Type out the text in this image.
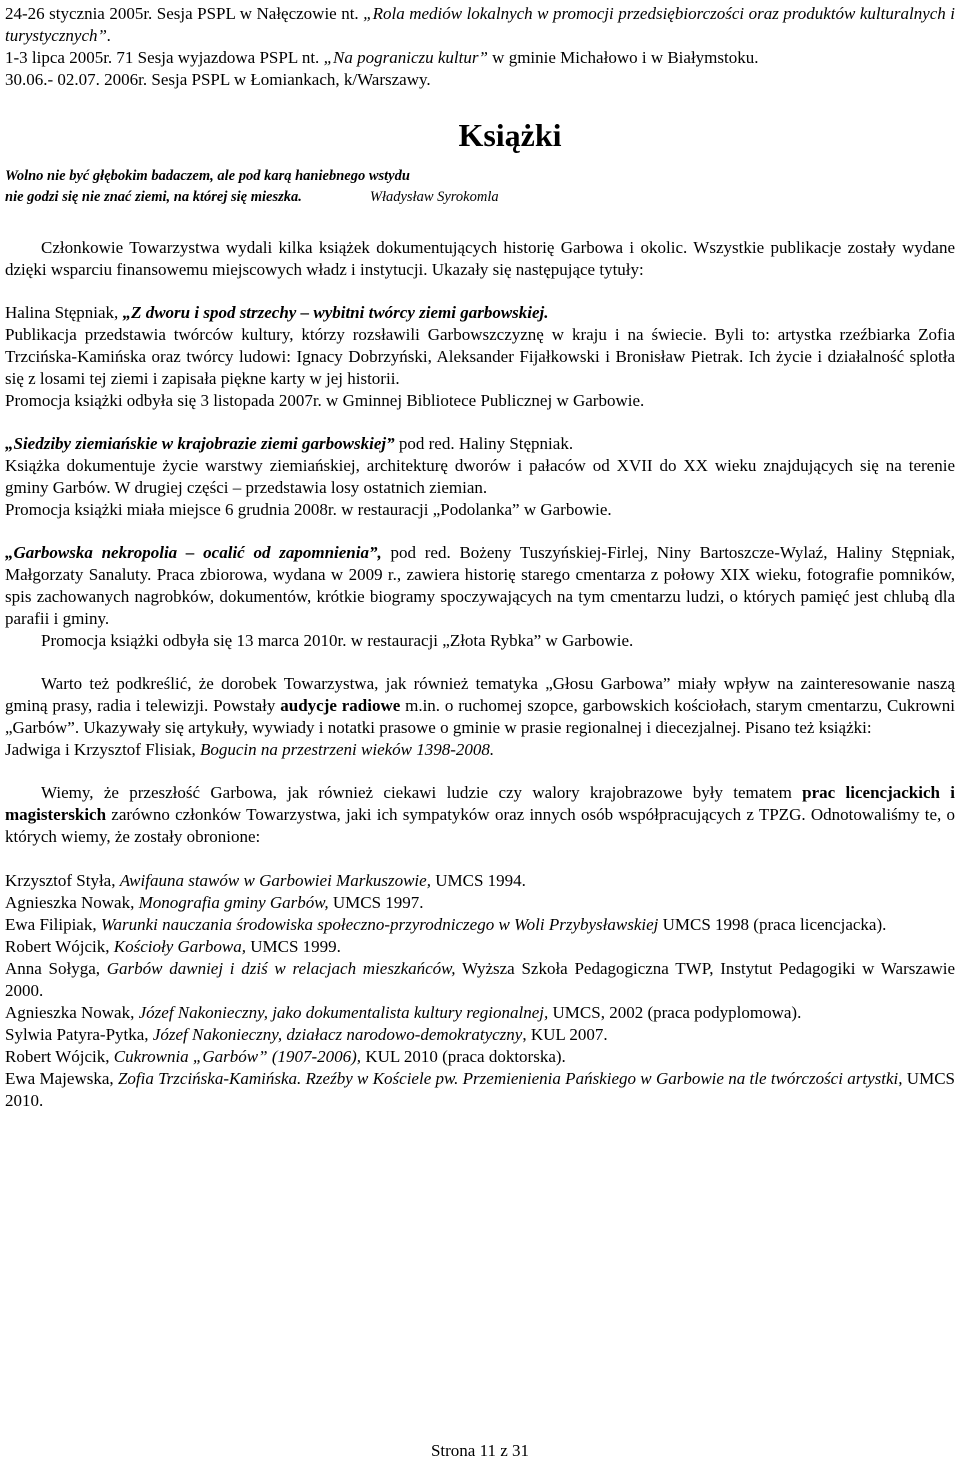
24-26 stycznia 2005r. Sesja PSPL w Nałęczowie nt. „Rola mediów lokalnych w promocji przedsiębiorczości oraz produktów kulturalnych i turystycznych”.

1-3 lipca 2005r. 71 Sesja wyjazdowa PSPL nt. „Na pograniczu kultur” w gminie Michałowo i w Białymstoku.

30.06.- 02.07. 2006r. Sesja PSPL w Łomiankach, k/Warszawy.

Książki
Wolno nie być głębokim badaczem, ale pod karą haniebnego wstydu
nie godzi się nie znać ziemi, na której się mieszka.	Władysław Syrokomla

Członkowie Towarzystwa wydali kilka książek dokumentujących historię Garbowa i okolic. Wszystkie publikacje zostały wydane dzięki wsparciu finansowemu miejscowych władz i instytucji. Ukazały się następujące tytuły:

Halina Stępniak, „Z dworu i spod strzechy – wybitni twórcy ziemi garbowskiej.

Publikacja przedstawia twórców kultury, którzy rozsławili Garbowszczyznę w kraju i na świecie. Byli to: artystka rzeźbiarka Zofia Trzcińska-Kamińska oraz twórcy ludowi: Ignacy Dobrzyński, Aleksander Fijałkowski i Bronisław Pietrak. Ich życie i działalność splotła się z losami tej ziemi i zapisała piękne karty w jej historii.

Promocja książki odbyła się 3 listopada 2007r. w Gminnej Bibliotece Publicznej w Garbowie.

„Siedziby ziemiańskie w krajobrazie ziemi garbowskiej” pod red. Haliny Stępniak.

Książka dokumentuje życie warstwy ziemiańskiej, architekturę dworów i pałaców od XVII do XX wieku znajdujących się na terenie gminy Garbów. W drugiej części – przedstawia losy ostatnich ziemian.

Promocja książki miała miejsce 6 grudnia 2008r. w restauracji „Podolanka” w Garbowie.

„Garbowska nekropolia – ocalić od zapomnienia”, pod red. Bożeny Tuszyńskiej-Firlej, Niny Bartoszcze-Wylaź, Haliny Stępniak, Małgorzaty Sanaluty. Praca zbiorowa, wydana w 2009 r., zawiera historię starego cmentarza z połowy XIX wieku, fotografie pomników, spis zachowanych nagrobków, dokumentów, krótkie biogramy spoczywających na tym cmentarzu ludzi, o których pamięć jest chlubą dla parafii i gminy.

Promocja książki odbyła się 13 marca 2010r. w restauracji „Złota Rybka” w Garbowie.

Warto też podkreślić, że dorobek Towarzystwa, jak również tematyka „Głosu Garbowa” miały wpływ na zainteresowanie naszą gminą prasy, radia i telewizji. Powstały audycje radiowe m.in. o ruchomej szopce, garbowskich kościołach, starym cmentarzu, Cukrowni „Garbów”. Ukazywały się artykuły, wywiady i notatki prasowe o gminie w prasie regionalnej i diecezjalnej. Pisano też książki:

Jadwiga i Krzysztof Flisiak, Bogucin na przestrzeni wieków 1398-2008.

Wiemy, że przeszłość Garbowa, jak również ciekawi ludzie czy walory krajobrazowe były tematem prac licencjackich i magisterskich zarówno członków Towarzystwa, jaki ich sympatyków oraz innych osób współpracujących z TPZG. Odnotowaliśmy te, o których wiemy, że zostały obronione:

Krzysztof Styła, Awifauna stawów w Garbowiei Markuszowie, UMCS 1994.

Agnieszka Nowak, Monografia gminy Garbów, UMCS 1997.

Ewa Filipiak, Warunki nauczania środowiska społeczno-przyrodniczego w Woli Przybysławskiej UMCS 1998 (praca licencjacka).

Robert Wójcik, Kościoły Garbowa, UMCS 1999.

Anna Sołyga, Garbów dawniej i dziś w relacjach mieszkańców, Wyższa Szkoła Pedagogiczna TWP, Instytut Pedagogiki w Warszawie 2000.

Agnieszka Nowak, Józef Nakonieczny, jako dokumentalista kultury regionalnej, UMCS, 2002 (praca podyplomowa).

Sylwia Patyra-Pytka, Józef Nakonieczny, działacz narodowo-demokratyczny, KUL 2007.

Robert Wójcik, Cukrownia „Garbów” (1907-2006), KUL 2010 (praca doktorska).

Ewa Majewska, Zofia Trzcińska-Kamińska. Rzeźby w Kościele pw. Przemienienia Pańskiego w Garbowie na tle twórczości artystki, UMCS 2010.

Strona 11 z 31
